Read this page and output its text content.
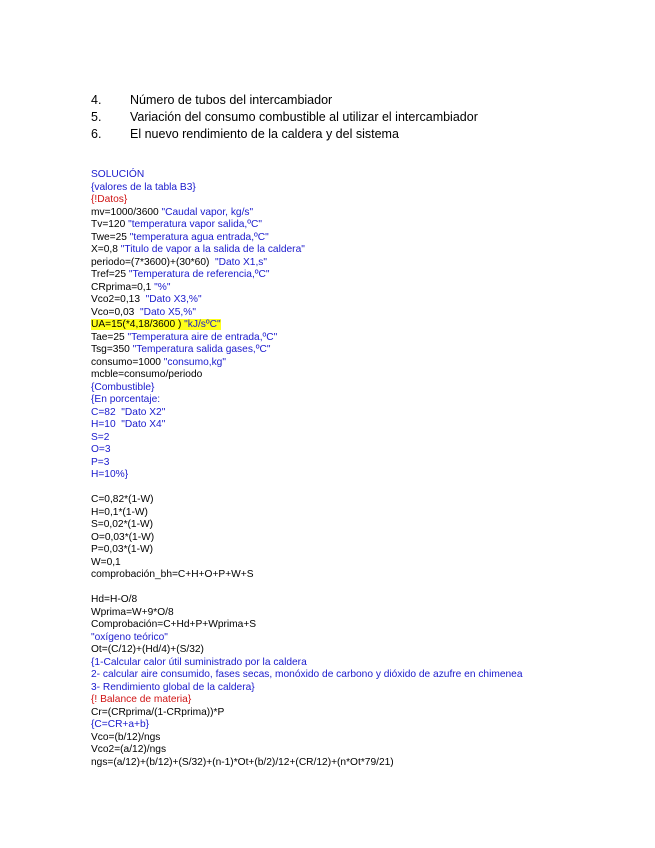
4.	Número de tubos del intercambiador
5.	Variación del consumo combustible al utilizar el intercambiador
6.	El nuevo rendimiento de la caldera y del sistema
SOLUCIÓN
{valores de la tabla B3}
{!Datos}
mv=1000/3600 "Caudal vapor, kg/s"
Tv=120 "temperatura vapor salida,ºC"
Twe=25 "temperatura agua entrada,ºC"
X=0,8 "Titulo de vapor a la salida de la caldera"
periodo=(7*3600)+(30*60)  "Dato X1,s"
Tref=25 "Temperatura de referencia,ºC"
CRprima=0,1 "%"
Vco2=0,13  "Dato X3,%"
Vco=0,03  "Dato X5,%"
UA=15(*4,18/3600 ) "kJ/sºC"
Tae=25 "Temperatura aire de entrada,ºC"
Tsg=350 "Temperatura salida gases,ºC"
consumo=1000 "consumo,kg"
mcble=consumo/periodo
{Combustible}
{En porcentaje:
C=82  "Dato X2"
H=10  "Dato X4"
S=2
O=3
P=3
H=10%}
C=0,82*(1-W)
H=0,1*(1-W)
S=0,02*(1-W)
O=0,03*(1-W)
P=0,03*(1-W)
W=0,1
comprobación_bh=C+H+O+P+W+S
Hd=H-O/8
Wprima=W+9*O/8
Comprobación=C+Hd+P+Wprima+S
"oxígeno teórico"
Ot=(C/12)+(Hd/4)+(S/32)
{1-Calcular calor útil suministrado por la caldera
2- calcular aire consumido, fases secas, monóxido de carbono y dióxido de azufre en chimenea
3- Rendimiento global de la caldera}
{! Balance de materia}
Cr=(CRprima/(1-CRprima))*P
{C=CR+a+b}
Vco=(b/12)/ngs
Vco2=(a/12)/ngs
ngs=(a/12)+(b/12)+(S/32)+(n-1)*Ot+(b/2)/12+(CR/12)+(n*Ot*79/21)
